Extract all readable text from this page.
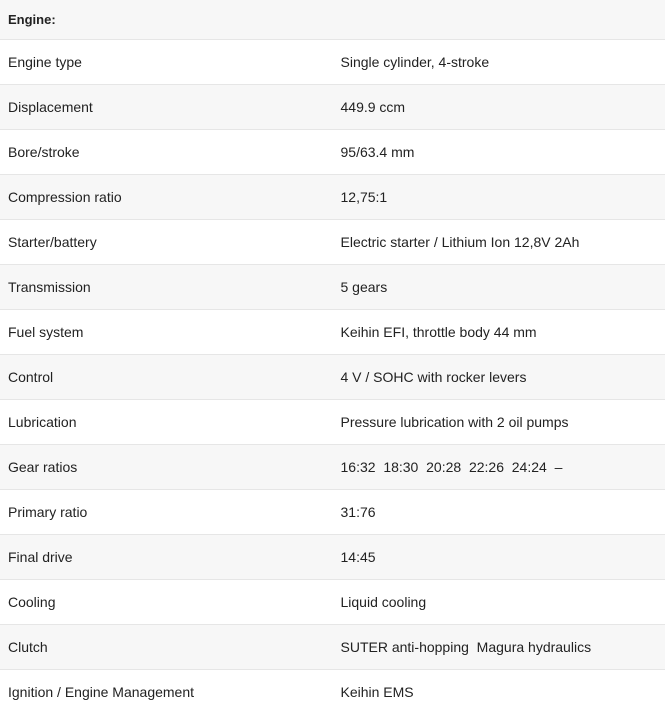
Engine:	
Engine type	Single cylinder, 4-stroke
Displacement	449.9 ccm
Bore/stroke	95/63.4 mm
Compression ratio	12,75:1
Starter/battery	Electric starter / Lithium Ion 12,8V 2Ah
Transmission	5 gears
Fuel system	Keihin EFI, throttle body 44 mm
Control	4 V / SOHC with rocker levers
Lubrication	Pressure lubrication with 2 oil pumps
Gear ratios	16:32  18:30  20:28  22:26  24:24  –
Primary ratio	31:76
Final drive	14:45
Cooling	Liquid cooling
Clutch	SUTER anti-hopping  Magura hydraulics
Ignition / Engine Management	Keihin EMS
